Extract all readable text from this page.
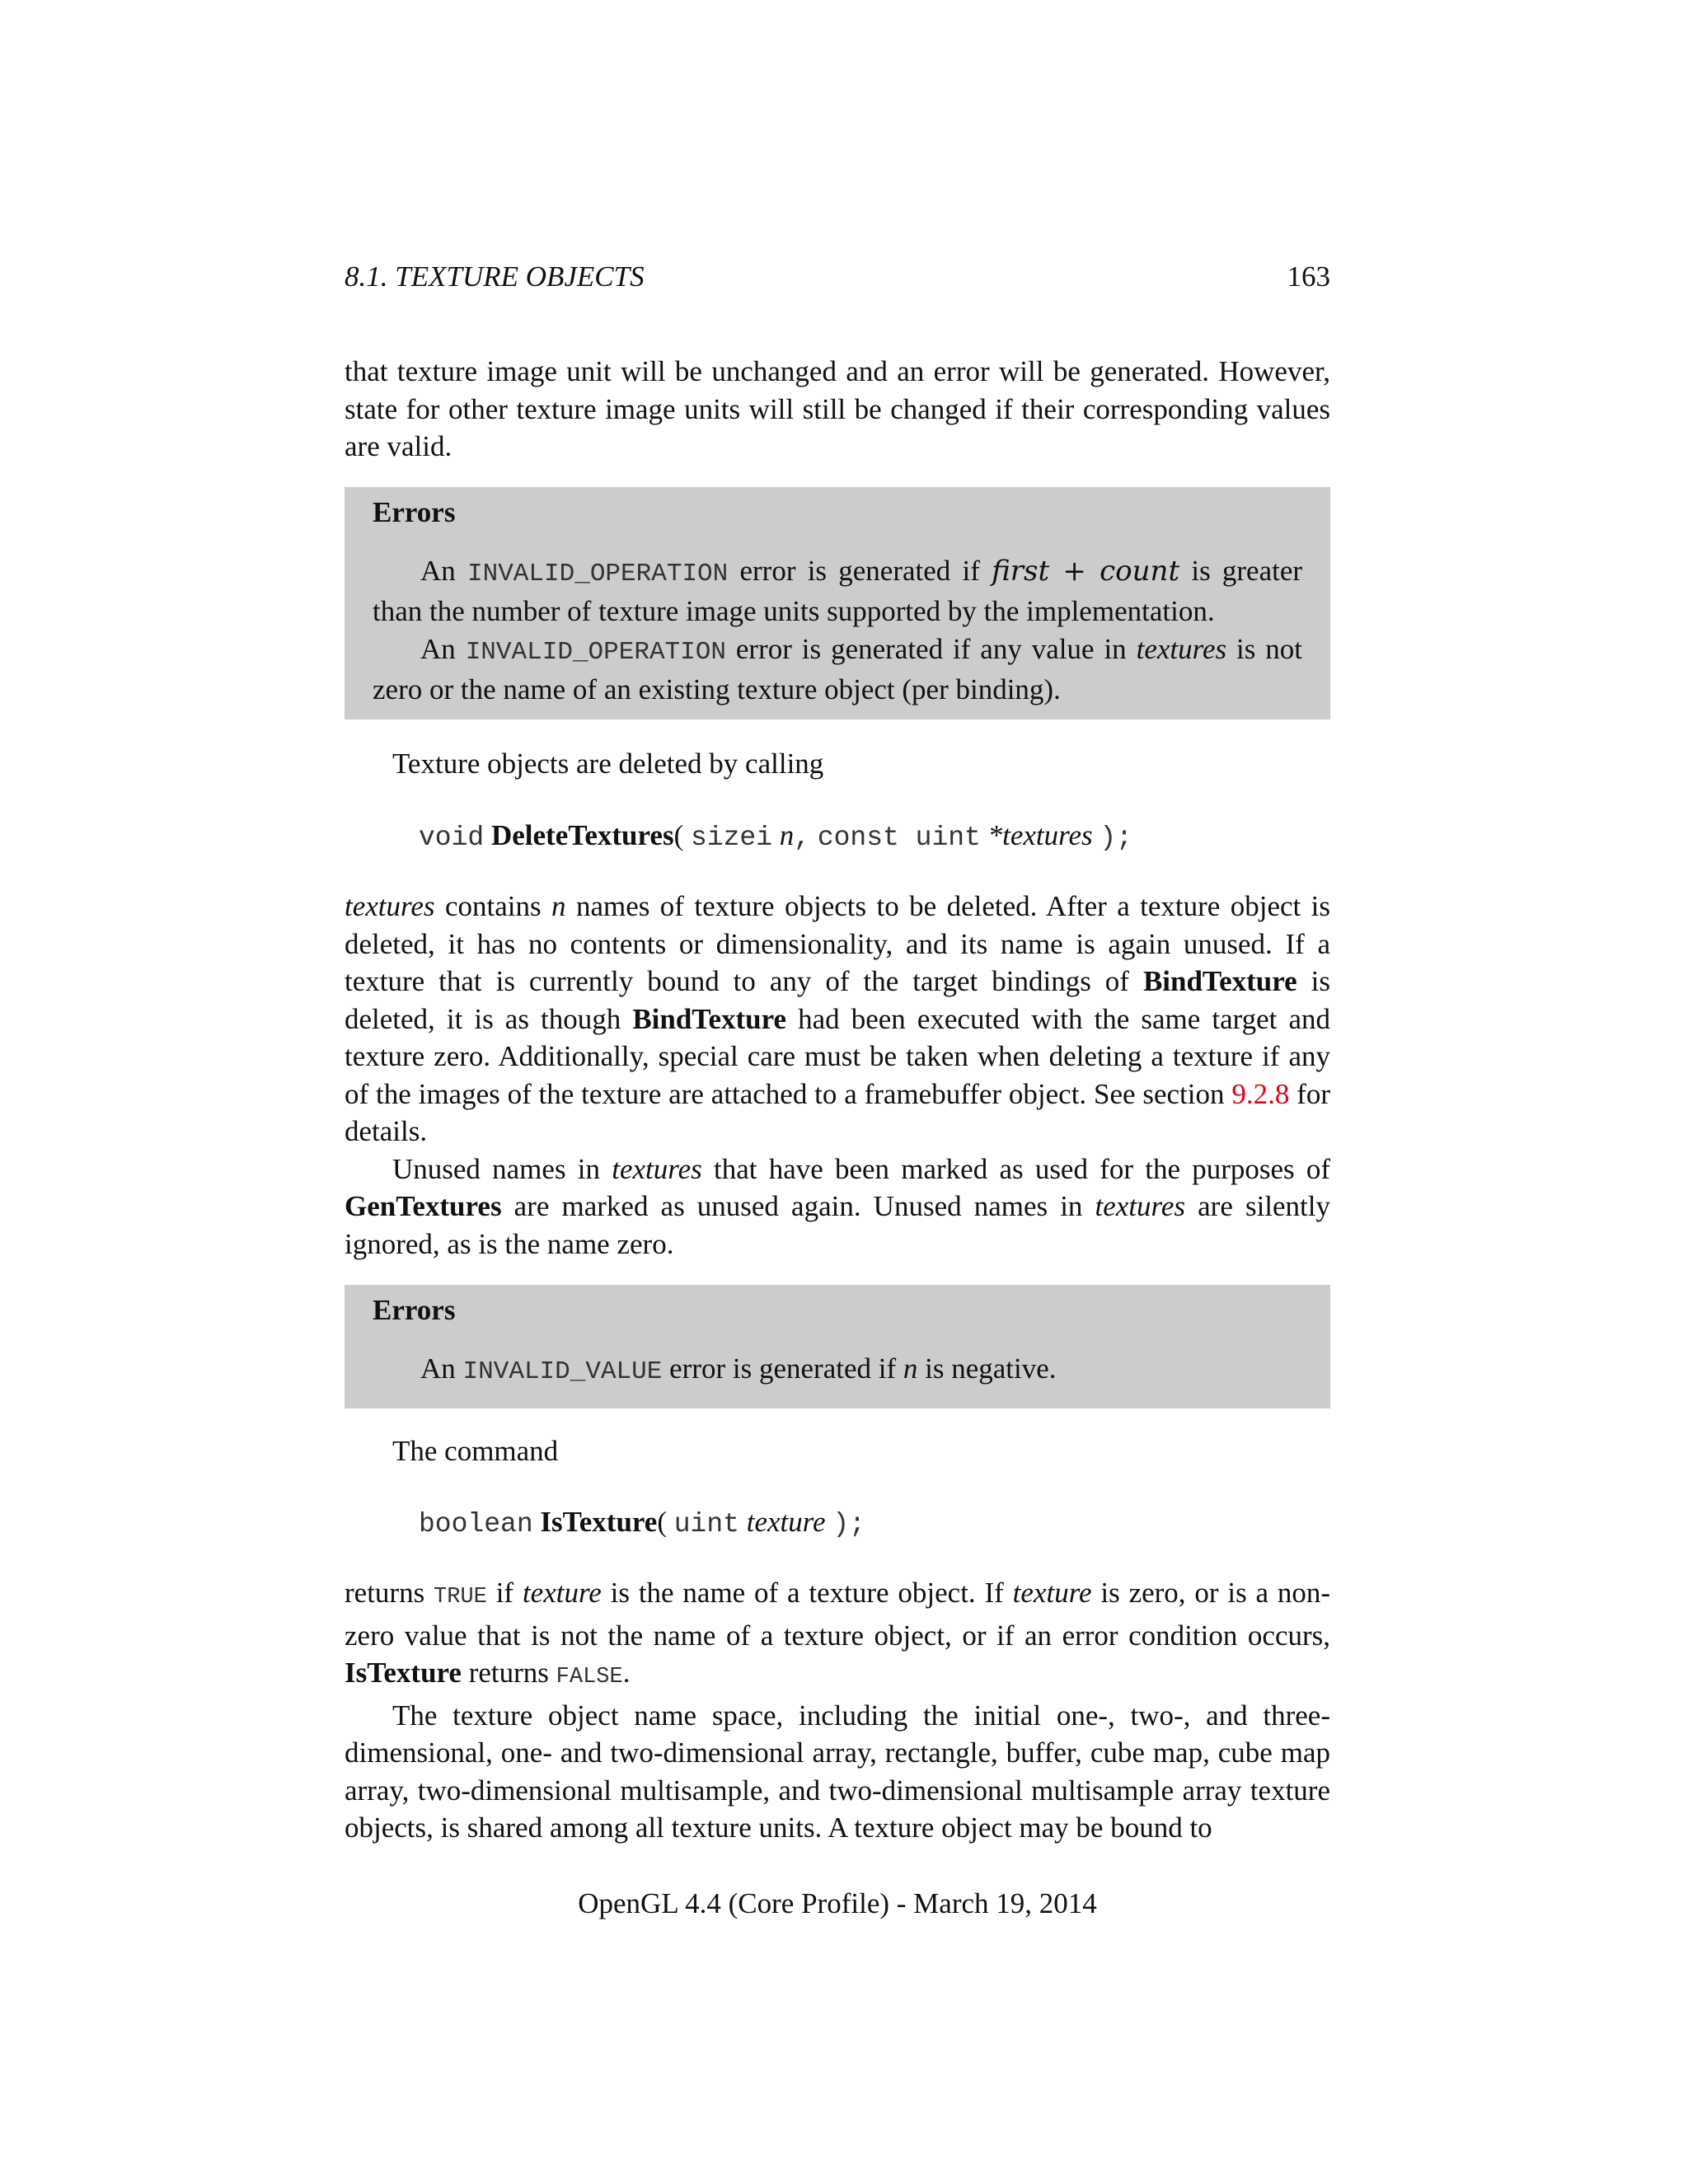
8.1. TEXTURE OBJECTS	163

that texture image unit will be unchanged and an error will be generated. However, state for other texture image units will still be changed if their corresponding values are valid.

Errors

An INVALID_OPERATION error is generated if first + count is greater than the number of texture image units supported by the implementation.

An INVALID_OPERATION error is generated if any value in textures is not zero or the name of an existing texture object (per binding).

Texture objects are deleted by calling

void DeleteTextures( sizei n, const uint *textures );

textures contains n names of texture objects to be deleted. After a texture object is deleted, it has no contents or dimensionality, and its name is again unused. If a texture that is currently bound to any of the target bindings of BindTexture is deleted, it is as though BindTexture had been executed with the same target and texture zero. Additionally, special care must be taken when deleting a texture if any of the images of the texture are attached to a framebuffer object. See section 9.2.8 for details.

Unused names in textures that have been marked as used for the purposes of GenTextures are marked as unused again. Unused names in textures are silently ignored, as is the name zero.

Errors

An INVALID_VALUE error is generated if n is negative.

The command

boolean IsTexture( uint texture );

returns TRUE if texture is the name of a texture object. If texture is zero, or is a non-zero value that is not the name of a texture object, or if an error condition occurs, IsTexture returns FALSE.

The texture object name space, including the initial one-, two-, and three- dimensional, one- and two-dimensional array, rectangle, buffer, cube map, cube map array, two-dimensional multisample, and two-dimensional multisample array texture objects, is shared among all texture units. A texture object may be bound to

OpenGL 4.4 (Core Profile) - March 19, 2014
